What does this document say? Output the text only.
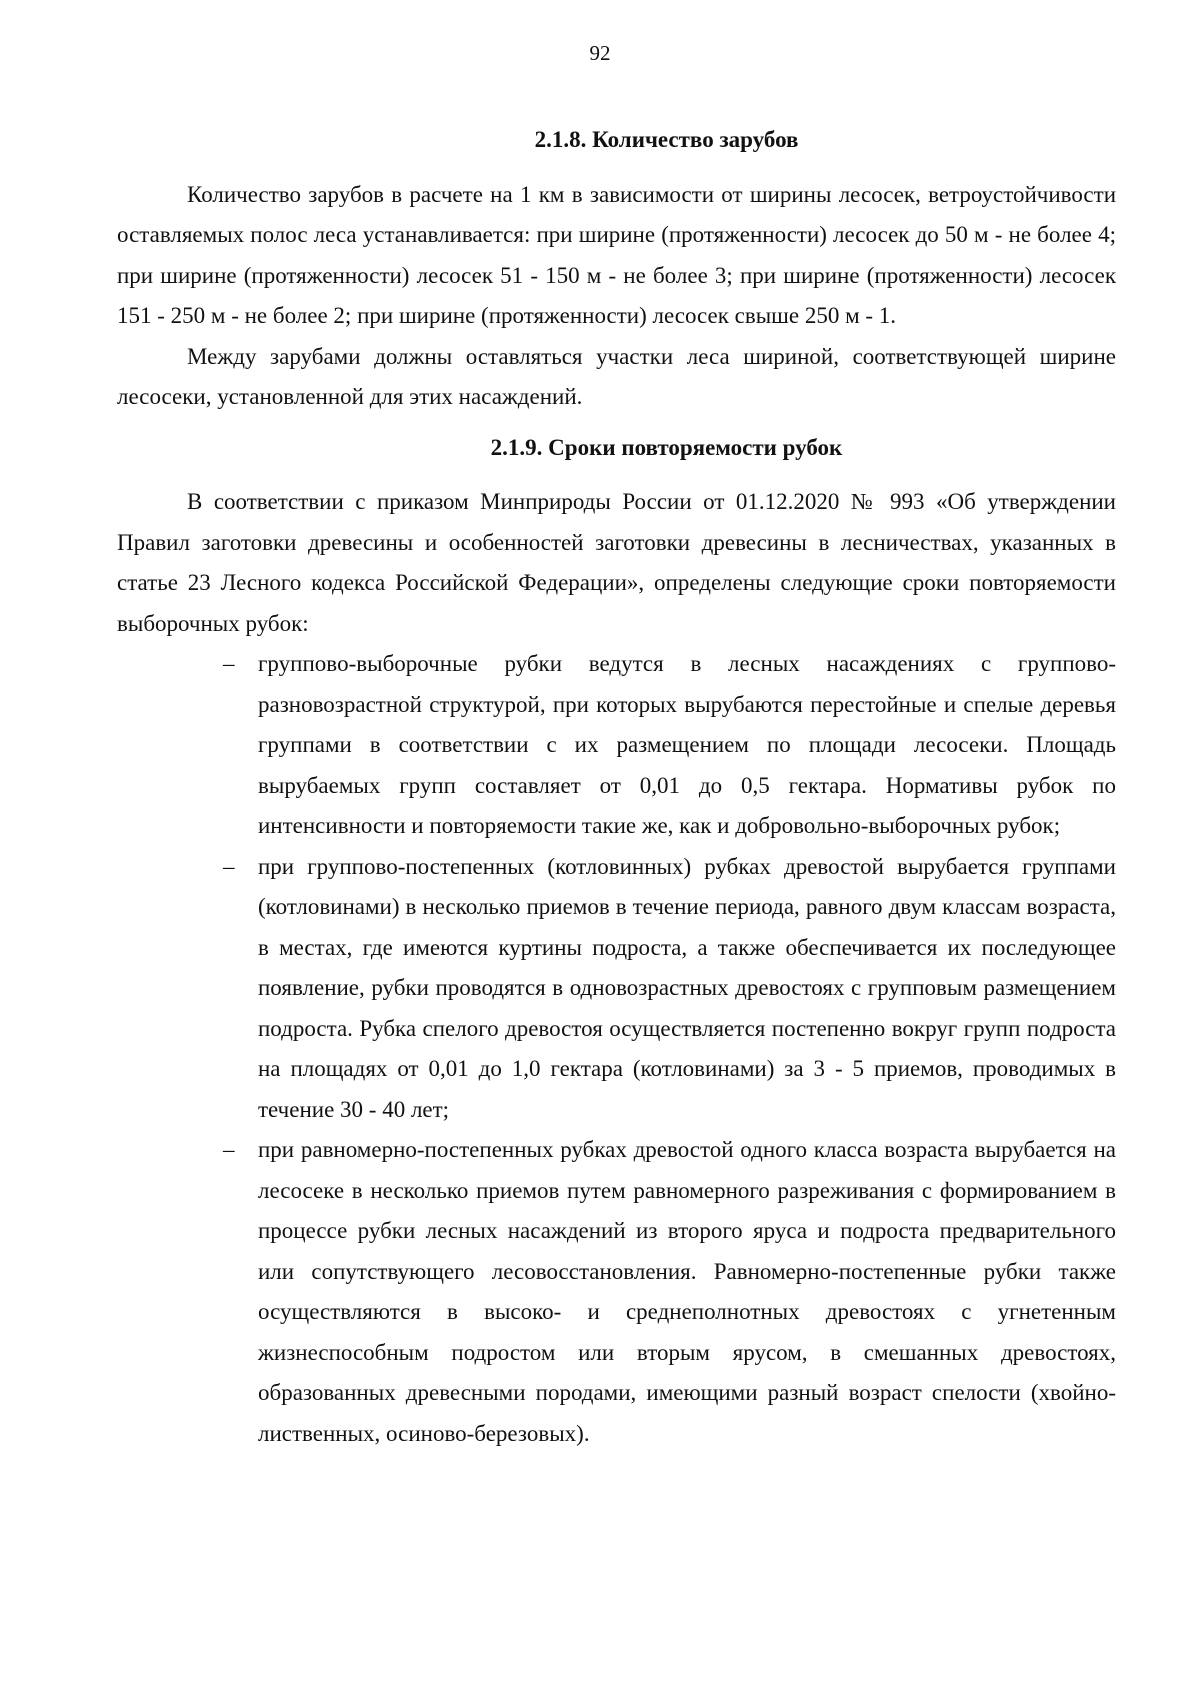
92
2.1.8. Количество зарубов

Количество зарубов в расчете на 1 км в зависимости от ширины лесосек, ветроустойчивости оставляемых полос леса устанавливается: при ширине (протяженности) лесосек до 50 м - не более 4; при ширине (протяженности) лесосек 51 - 150 м - не более 3; при ширине (протяженности) лесосек 151 - 250 м - не более 2; при ширине (протяженности) лесосек свыше 250 м - 1.

Между зарубами должны оставляться участки леса шириной, соответствующей ширине лесосеки, установленной для этих насаждений.

2.1.9. Сроки повторяемости рубок

В соответствии с приказом Минприроды России от 01.12.2020 № 993 «Об утверждении Правил заготовки древесины и особенностей заготовки древесины в лесничествах, указанных в статье 23 Лесного кодекса Российской Федерации», определены следующие сроки повторяемости выборочных рубок:

– групповo-выборочные рубки ведутся в лесных насаждениях с группово-разновозрастной структурой, при которых вырубаются перестойные и спелые деревья группами в соответствии с их размещением по площади лесосеки. Площадь вырубаемых групп составляет от 0,01 до 0,5 гектара. Нормативы рубок по интенсивности и повторяемости такие же, как и добровольно-выборочных рубок;
– при группово-постепенных (котловинных) рубках древостой вырубается группами (котловинами) в несколько приемов в течение периода, равного двум классам возраста, в местах, где имеются куртины подроста, а также обеспечивается их последующее появление, рубки проводятся в одновозрастных древостоях с групповым размещением подроста. Рубка спелого древостоя осуществляется постепенно вокруг групп подроста на площадях от 0,01 до 1,0 гектара (котловинами) за 3 - 5 приемов, проводимых в течение 30 - 40 лет;
– при равномерно-постепенных рубках древостой одного класса возраста вырубается на лесосеке в несколько приемов путем равномерного разреживания с формированием в процессе рубки лесных насаждений из второго яруса и подроста предварительного или сопутствующего лесовосстановления. Равномерно-постепенные рубки также осуществляются в высоко- и среднеполнотных древостоях с угнетенным жизнеспособным подростом или вторым ярусом, в смешанных древостоях, образованных древесными породами, имеющими разный возраст спелости (хвойно-лиственных, осиново-березовых).
